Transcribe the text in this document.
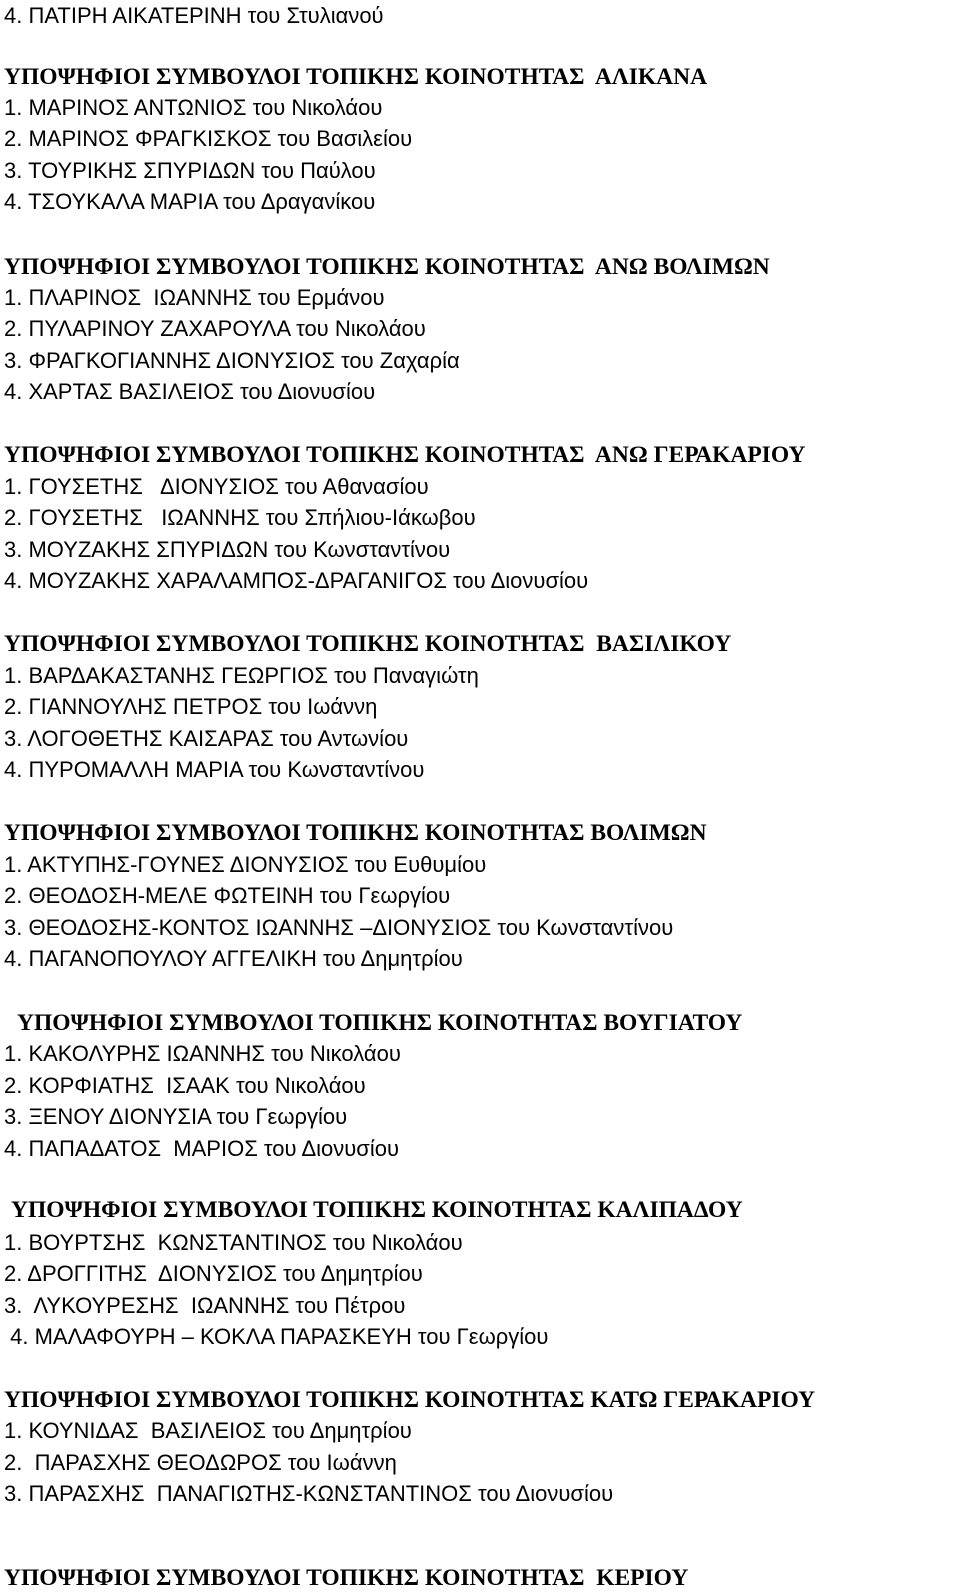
4. ΠΑΤΙΡΗ ΑΙΚΑΤΕΡΙΝΗ του Στυλιανού
ΥΠΟΨΗΦΙΟΙ ΣΥΜΒΟΥΛΟΙ ΤΟΠΙΚΗΣ ΚΟΙΝΟΤΗΤΑΣ  ΑΛΙΚΑΝΑ
1. ΜΑΡΙΝΟΣ ΑΝΤΩΝΙΟΣ του Νικολάου
2. ΜΑΡΙΝΟΣ ΦΡΑΓΚΙΣΚΟΣ του Βασιλείου
3. ΤΟΥΡΙΚΗΣ ΣΠΥΡΙΔΩΝ του Παύλου
4. ΤΣΟΥΚΑΛΑ ΜΑΡΙΑ του Δραγανίκου
ΥΠΟΨΗΦΙΟΙ ΣΥΜΒΟΥΛΟΙ ΤΟΠΙΚΗΣ ΚΟΙΝΟΤΗΤΑΣ  ΑΝΩ ΒΟΛΙΜΩΝ
1. ΠΛΑΡΙΝΟΣ  ΙΩΑΝΝΗΣ του Ερμάνου
2. ΠΥΛΑΡΙΝΟΥ ΖΑΧΑΡΟΥΛΑ του Νικολάου
3. ΦΡΑΓΚΟΓΙΑΝΝΗΣ ΔΙΟΝΥΣΙΟΣ του Ζαχαρία
4. ΧΑΡΤΑΣ ΒΑΣΙΛΕΙΟΣ του Διονυσίου
ΥΠΟΨΗΦΙΟΙ ΣΥΜΒΟΥΛΟΙ ΤΟΠΙΚΗΣ ΚΟΙΝΟΤΗΤΑΣ  ΑΝΩ ΓΕΡΑΚΑΡΙΟΥ
1. ΓΟΥΣΕΤΗΣ   ΔΙΟΝΥΣΙΟΣ του Αθανασίου
2. ΓΟΥΣΕΤΗΣ   ΙΩΑΝΝΗΣ του Σπήλιου-Ιάκωβου
3. ΜΟΥΖΑΚΗΣ ΣΠΥΡΙΔΩΝ του Κωνσταντίνου
4. ΜΟΥΖΑΚΗΣ ΧΑΡΑΛΑΜΠΟΣ-ΔΡΑΓΑΝΙΓΟΣ του Διονυσίου
ΥΠΟΨΗΦΙΟΙ ΣΥΜΒΟΥΛΟΙ ΤΟΠΙΚΗΣ ΚΟΙΝΟΤΗΤΑΣ  ΒΑΣΙΛΙΚΟΥ
1. ΒΑΡΔΑΚΑΣΤΑΝΗΣ ΓΕΩΡΓΙΟΣ του Παναγιώτη
2. ΓΙΑΝΝΟΥΛΗΣ ΠΕΤΡΟΣ του Ιωάννη
3. ΛΟΓΟΘΕΤΗΣ ΚΑΙΣΑΡΑΣ του Αντωνίου
4. ΠΥΡΟΜΑΛΛΗ ΜΑΡΙΑ του Κωνσταντίνου
ΥΠΟΨΗΦΙΟΙ ΣΥΜΒΟΥΛΟΙ ΤΟΠΙΚΗΣ ΚΟΙΝΟΤΗΤΑΣ ΒΟΛΙΜΩΝ
1. ΑΚΤΥΠΗΣ-ΓΟΥΝΕΣ ΔΙΟΝΥΣΙΟΣ του Ευθυμίου
2. ΘΕΟΔΟΣΗ-ΜΕΛΕ ΦΩΤΕΙΝΗ του Γεωργίου
3. ΘΕΟΔΟΣΗΣ-ΚΟΝΤΟΣ ΙΩΑΝΝΗΣ –ΔΙΟΝΥΣΙΟΣ του Κωνσταντίνου
4. ΠΑΓΑΝΟΠΟΥΛΟΥ ΑΓΓΕΛΙΚΗ του Δημητρίου
ΥΠΟΨΗΦΙΟΙ ΣΥΜΒΟΥΛΟΙ ΤΟΠΙΚΗΣ ΚΟΙΝΟΤΗΤΑΣ ΒΟΥΓΙΑΤΟΥ
1. ΚΑΚΟΛΥΡΗΣ ΙΩΑΝΝΗΣ του Νικολάου
2. ΚΟΡΦΙΑΤΗΣ  ΙΣΑΑΚ του Νικολάου
3. ΞΕΝΟΥ ΔΙΟΝΥΣΙΑ του Γεωργίου
4. ΠΑΠΑΔΑΤΟΣ  ΜΑΡΙΟΣ του Διονυσίου
ΥΠΟΨΗΦΙΟΙ ΣΥΜΒΟΥΛΟΙ ΤΟΠΙΚΗΣ ΚΟΙΝΟΤΗΤΑΣ ΚΑΛΙΠΑΔΟΥ
1. ΒΟΥΡΤΣΗΣ  ΚΩΝΣΤΑΝΤΙΝΟΣ του Νικολάου
2. ΔΡΟΓΓΙΤΗΣ  ΔΙΟΝΥΣΙΟΣ του Δημητρίου
3.  ΛΥΚΟΥΡΕΣΗΣ  ΙΩΑΝΝΗΣ του Πέτρου
4. ΜΑΛΑΦΟΥΡΗ – ΚΟΚΛΑ ΠΑΡΑΣΚΕΥΗ του Γεωργίου
ΥΠΟΨΗΦΙΟΙ ΣΥΜΒΟΥΛΟΙ ΤΟΠΙΚΗΣ ΚΟΙΝΟΤΗΤΑΣ ΚΑΤΩ ΓΕΡΑΚΑΡΙΟΥ
1. ΚΟΥΝΙΔΑΣ  ΒΑΣΙΛΕΙΟΣ του Δημητρίου
2.  ΠΑΡΑΣΧΗΣ ΘΕΟΔΩΡΟΣ του Ιωάννη
3. ΠΑΡΑΣΧΗΣ  ΠΑΝΑΓΙΩΤΗΣ-ΚΩΝΣΤΑΝΤΙΝΟΣ του Διονυσίου
ΥΠΟΨΗΦΙΟΙ ΣΥΜΒΟΥΛΟΙ ΤΟΠΙΚΗΣ ΚΟΙΝΟΤΗΤΑΣ  ΚΕΡΙΟΥ
